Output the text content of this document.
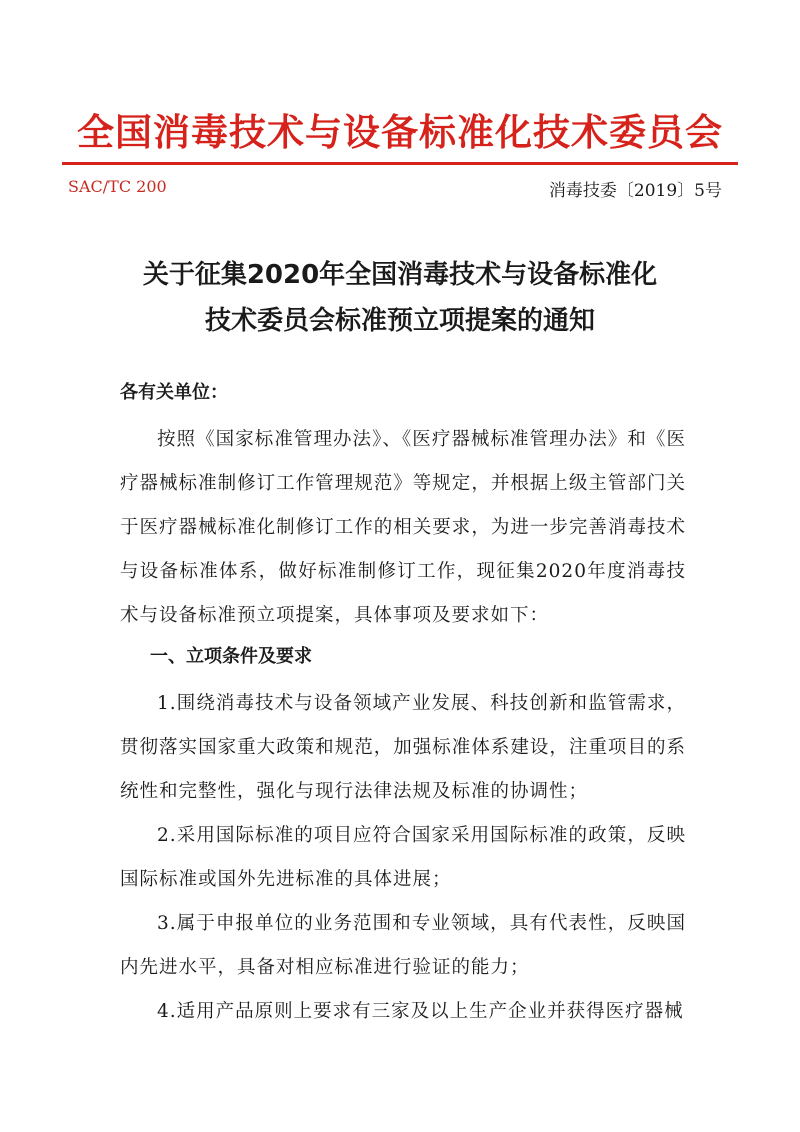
全国消毒技术与设备标准化技术委员会
SAC/TC 200	消毒技委〔2019〕5号
关于征集2020年全国消毒技术与设备标准化
技术委员会标准预立项提案的通知
各有关单位：

按照《国家标准管理办法》、《医疗器械标准管理办法》和《医疗器械标准制修订工作管理规范》等规定，并根据上级主管部门关于医疗器械标准化制修订工作的相关要求，为进一步完善消毒技术与设备标准体系，做好标准制修订工作，现征集2020年度消毒技术与设备标准预立项提案，具体事项及要求如下：

一、立项条件及要求

1.围绕消毒技术与设备领域产业发展、科技创新和监管需求，贯彻落实国家重大政策和规范，加强标准体系建设，注重项目的系统性和完整性，强化与现行法律法规及标准的协调性；

2.采用国际标准的项目应符合国家采用国际标准的政策，反映国际标准或国外先进标准的具体进展；

3.属于申报单位的业务范围和专业领域，具有代表性，反映国内先进水平，具备对相应标准进行验证的能力；

4.适用产品原则上要求有三家及以上生产企业并获得医疗器械
